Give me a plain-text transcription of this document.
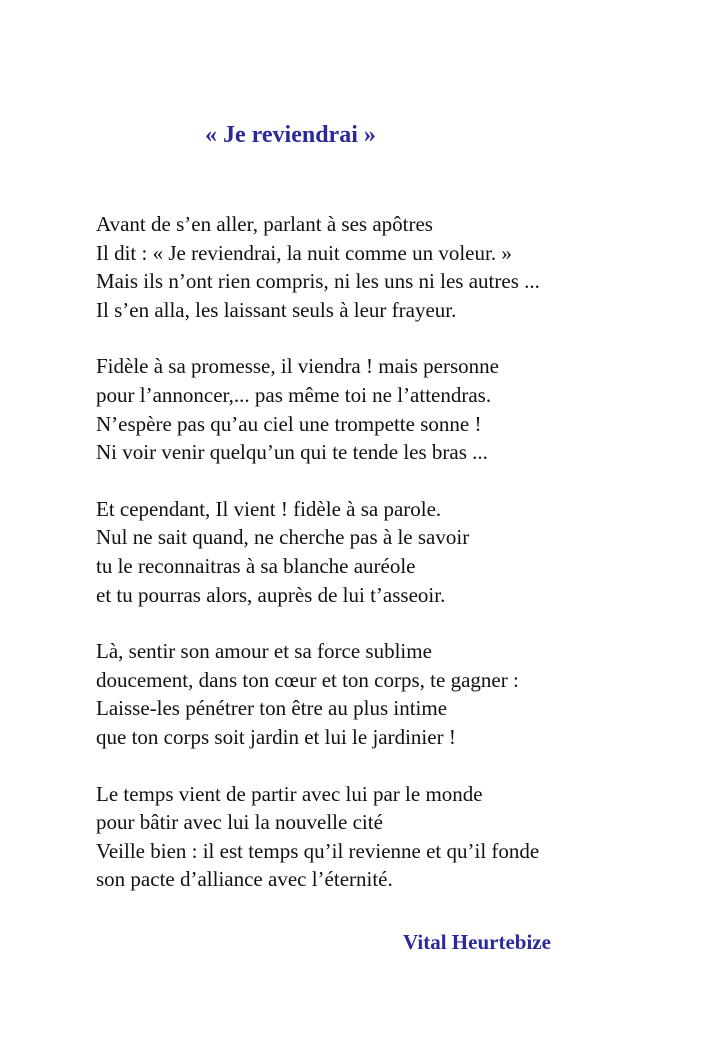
« Je reviendrai »
Avant de s’en aller, parlant à ses apôtres
Il dit : « Je reviendrai, la nuit comme un voleur. »
Mais ils n’ont rien compris, ni les uns ni les autres ...
Il s’en alla, les laissant seuls à leur frayeur.
Fidèle à sa promesse, il viendra ! mais personne
pour l’annoncer,... pas même toi ne l’attendras.
N’espère pas qu’au ciel une trompette sonne !
Ni voir venir quelqu’un qui te tende les bras ...
Et cependant, Il vient ! fidèle à sa parole.
Nul ne sait quand, ne cherche pas à le savoir
tu le reconnaitras à sa blanche auréole
et tu pourras alors, auprès de lui t’asseoir.
Là, sentir son amour et sa force sublime
doucement, dans ton cœur et ton corps, te gagner :
Laisse-les pénétrer ton être au plus intime
que ton corps soit jardin et lui le jardinier !
Le temps vient de partir avec lui par le monde
pour bâtir avec lui la nouvelle cité
Veille bien : il est temps qu’il revienne et qu’il fonde
son pacte d’alliance avec l’éternité.
Vital Heurtebize
